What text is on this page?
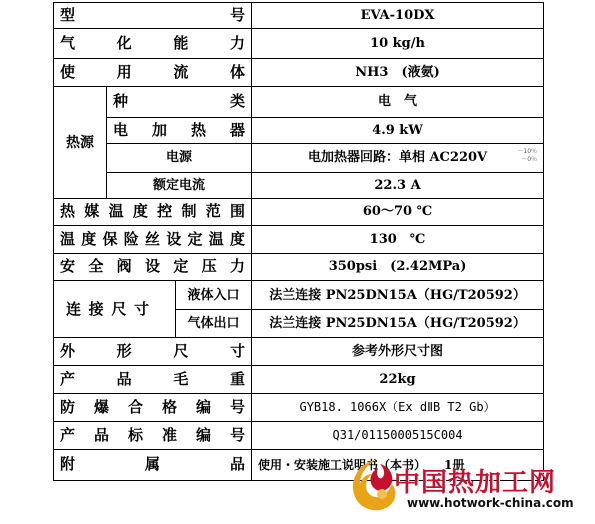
型号			EVA-10DX
气化能力			10 kg/h
使用流体			NH3　(液氨)
热源	种类		电　气
	电加热器		4.9 kW
	电源		电加热器回路：单相 AC220V －10％
－0％

	额定电流		22.3 A
热媒温度控制范围			60～70 ℃
温度保险丝设定温度			130　℃
安全阀设定压力			350psi　(2.42MPa)
连接尺寸		液体入口	法兰连接 PN25DN15A（HG/T20592）
		气体出口	法兰连接 PN25DN15A（HG/T20592）
外形尺寸			参考外形尺寸图
产品毛重			22kg
防爆合格编号			GYB18. 1066X（Ex dⅡB T2 Gb）
产品标准编号			Q31/0115000515C004
附属品			使用・安装施工说明书（本书）　　1册
中国热加工网
www.hotwork-china.com
